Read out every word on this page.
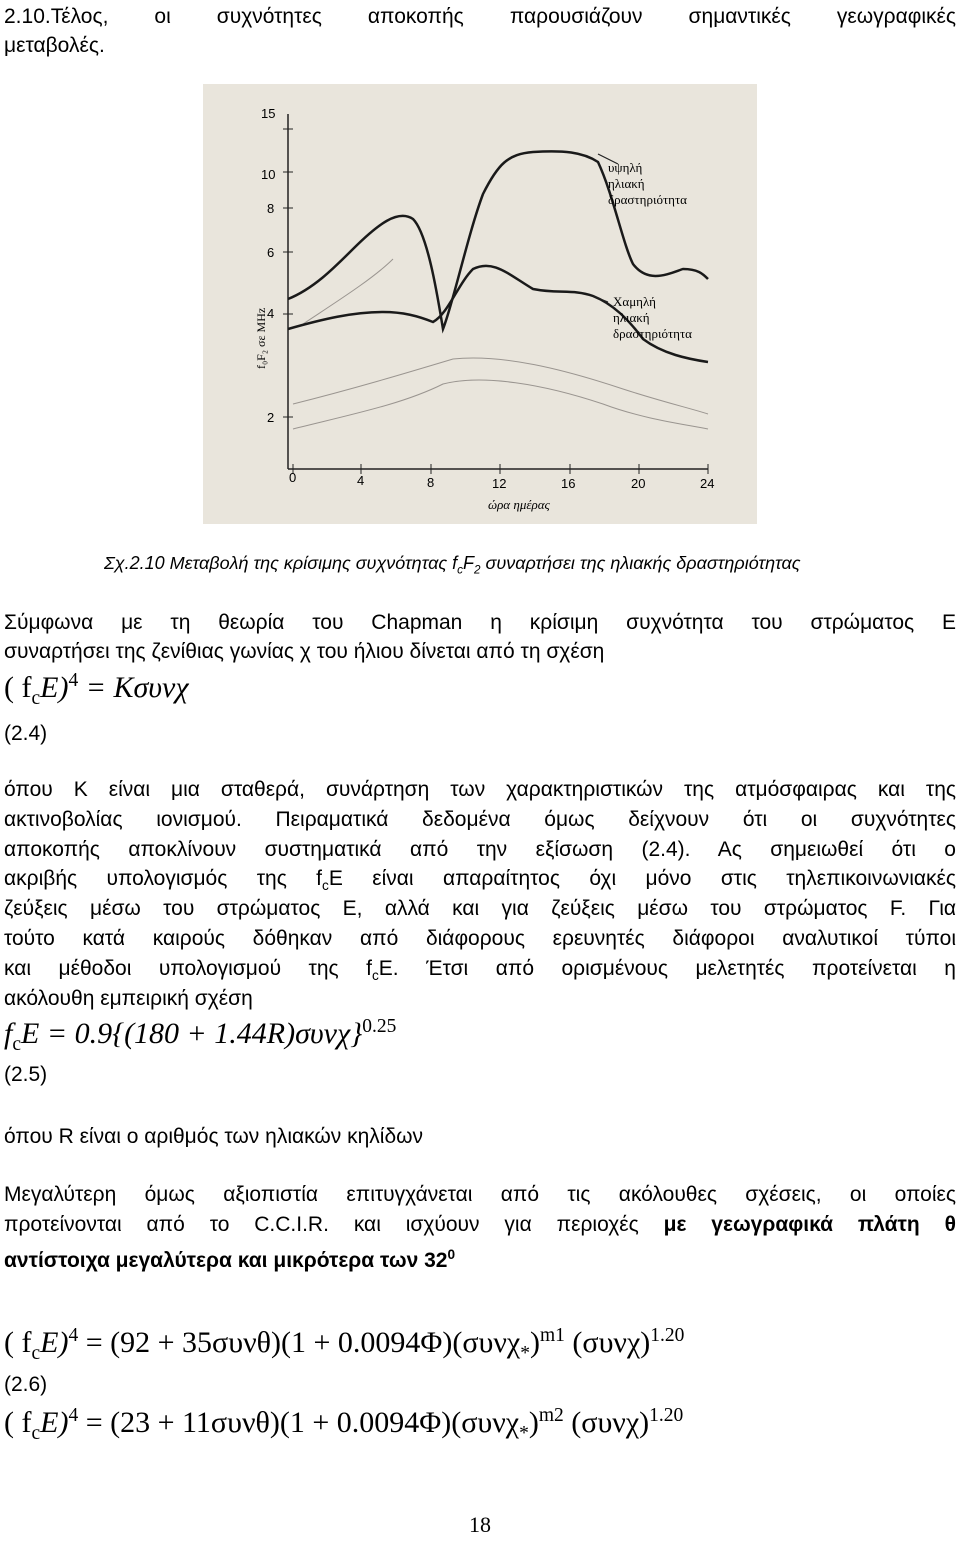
2.10.Τέλος, οι συχνότητες αποκοπής παρουσιάζουν σημαντικές γεωγραφικές
μεταβολές.
15
10
8
6
4
2
0	4	8	12	16	20	24
f₀F₂ σε MHz
ώρα ημέρας
υψηλή
ηλιακή
δραστηριότητα
Χαμηλή
ηλιακή
δραστηριότητα
Σχ.2.10 Μεταβολή της κρίσιμης συχνότητας $f_cF_2$ συναρτήσει της ηλιακής δραστηριότητας
Σύμφωνα με τη θεωρία του Chapman η κρίσιμη συχνότητα του στρώματος E
συναρτήσει της ζενίθιας γωνίας χ του ήλιου δίνεται από τη σχέση
( $f_cE)^4 = K\sigma\upsilon\nu\chi$
(2.4)
όπου K είναι μια σταθερά, συνάρτηση των χαρακτηριστικών της ατμόσφαιρας και της
ακτινοβολίας ιονισμού. Πειραματικά δεδομένα όμως δείχνουν ότι οι συχνότητες
αποκοπής αποκλίνουν συστηματικά από την εξίσωση (2.4). Ας σημειωθεί ότι ο
ακριβής υπολογισμός της $f_cE$ είναι απαραίτητος όχι μόνο στις τηλεπικοινωνιακές
ζεύξεις μέσω του στρώματος E, αλλά και για ζεύξεις μέσω του στρώματος F. Για
τούτο κατά καιρούς δόθηκαν από διάφορους ερευνητές διάφοροι αναλυτικοί τύποι
και μέθοδοι υπολογισμού της $f_cE$. Έτσι από ορισμένους μελετητές προτείνεται η
ακόλουθη εμπειρική σχέση
$f_cE = 0.9\{(180 + 1.44R)\sigma\upsilon\nu\chi\}^{0.25}$
(2.5)
όπου R είναι ο αριθμός των ηλιακών κηλίδων
Μεγαλύτερη όμως αξιοπιστία επιτυγχάνεται από τις ακόλουθες σχέσεις, οι οποίες
προτείνονται από το C.C.I.R. και ισχύουν για περιοχές με γεωγραφικά πλάτη θ
αντίστοιχα μεγαλύτερα και μικρότερα των $32^0$
( $f_cE)^4 = (92 + 35\sigma\upsilon\nu\theta)(1 + 0.0094\Phi)(\sigma\upsilon\nu\chi_*)^{m1}$ $(\sigma\upsilon\nu\chi)^{1.20}$
(2.6)
( $f_cE)^4 = (23 + 11\sigma\upsilon\nu\theta)(1 + 0.0094\Phi)(\sigma\upsilon\nu\chi_*)^{m2}$ $(\sigma\upsilon\nu\chi)^{1.20}$
18
